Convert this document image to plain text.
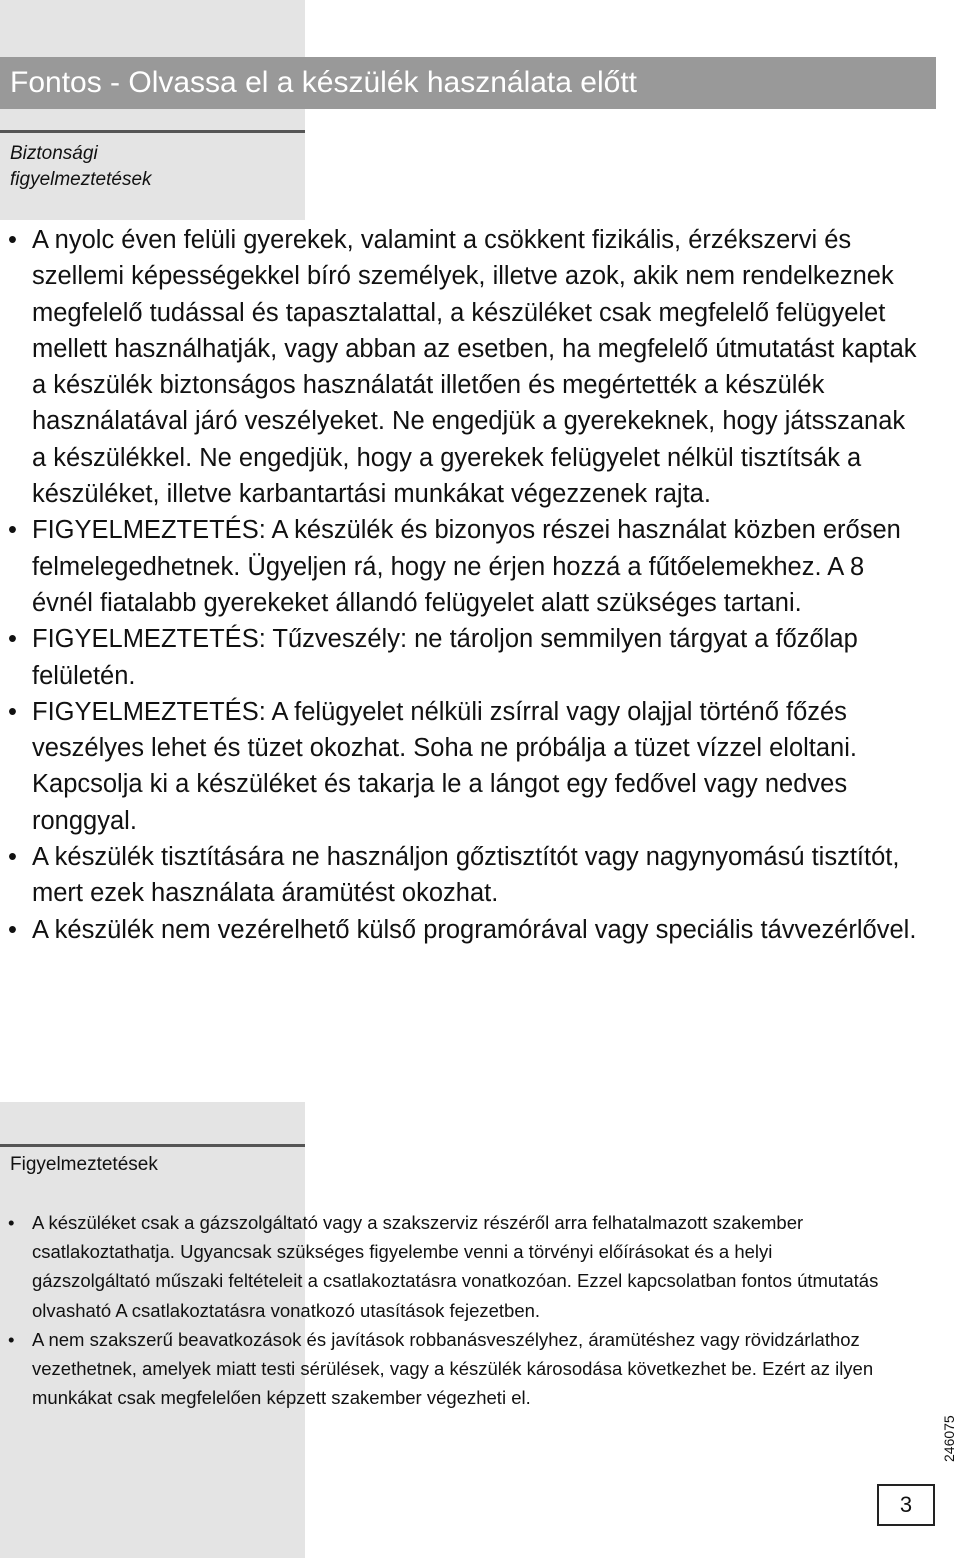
Fontos - Olvassa el a készülék használata előtt
Biztonsági
figyelmeztetések
• A nyolc éven felüli gyerekek, valamint a csökkent fizikális, érzékszervi és szellemi képességekkel bíró személyek, illetve azok, akik nem rendelkeznek megfelelő tudással és tapasztalattal, a készüléket csak megfelelő felügyelet mellett használhatják, vagy abban az esetben, ha megfelelő útmutatást kaptak a készülék biztonságos használatát illetően és megértették a készülék használatával járó veszélyeket. Ne engedjük a gyerekeknek, hogy játsszanak a készülékkel. Ne engedjük, hogy a gyerekek felügyelet nélkül tisztítsák a készüléket, illetve karbantartási munkákat végezzenek rajta.
• FIGYELMEZTETÉS: A készülék és bizonyos részei használat közben erősen felmelegedhetnek. Ügyeljen rá, hogy ne érjen hozzá a fűtőelemekhez. A 8 évnél fiatalabb gyerekeket állandó felügyelet alatt szükséges tartani.
• FIGYELMEZTETÉS: Tűzveszély: ne tároljon semmilyen tárgyat a főzőlap felületén.
• FIGYELMEZTETÉS: A felügyelet nélküli zsírral vagy olajjal történő főzés veszélyes lehet és tüzet okozhat. Soha ne próbálja a tüzet vízzel eloltani. Kapcsolja ki a készüléket és takarja le a lángot egy fedővel vagy nedves ronggyal.
• A készülék tisztítására ne használjon gőztisztítót vagy nagynyomású tisztítót, mert ezek használata áramütést okozhat.
• A készülék nem vezérelhető külső programórával vagy speciális távvezérlővel.
Figyelmeztetések
• A készüléket csak a gázszolgáltató vagy a szakszerviz részéről arra felhatalmazott szakember csatlakoztathatja. Ugyancsak szükséges figyelembe venni a törvényi előírásokat és a helyi gázszolgáltató műszaki feltételeit a csatlakoztatásra vonatkozóan. Ezzel kapcsolatban fontos útmutatás olvasható A csatlakoztatásra vonatkozó utasítások fejezetben.
• A nem szakszerű beavatkozások és javítások robbanásveszélyhez, áramütéshez vagy rövidzárlathoz vezethetnek, amelyek miatt testi sérülések, vagy a készülék károsodása következhet be. Ezért az ilyen munkákat csak megfelelően képzett szakember végezheti el.
246075
3
